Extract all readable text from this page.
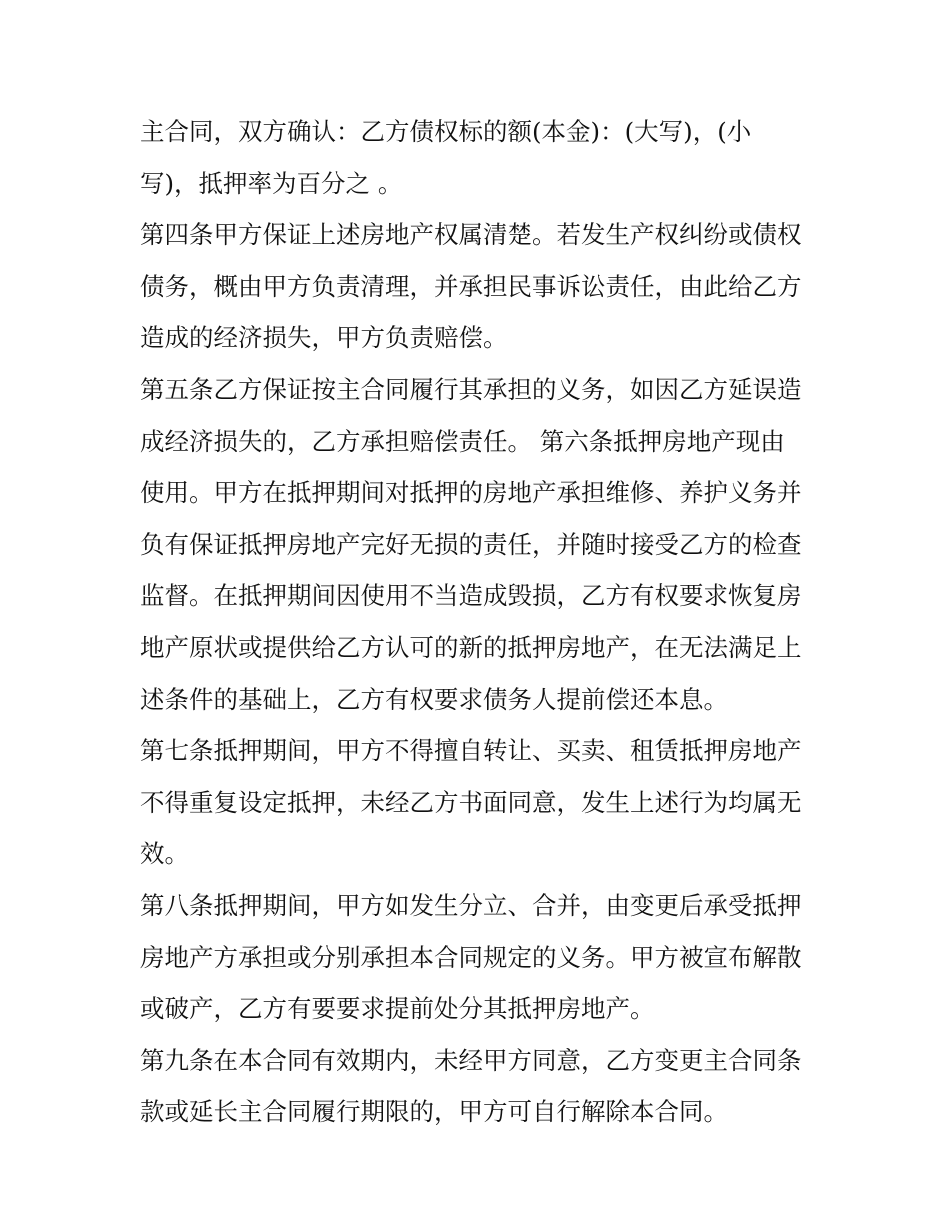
主合同，双方确认：乙方债权标的额(本金)：(大写)，(小
写)，抵押率为百分之 。
第四条甲方保证上述房地产权属清楚。若发生产权纠纷或债权
债务，概由甲方负责清理，并承担民事诉讼责任，由此给乙方
造成的经济损失，甲方负责赔偿。
第五条乙方保证按主合同履行其承担的义务，如因乙方延误造
成经济损失的，乙方承担赔偿责任。 第六条抵押房地产现由
使用。甲方在抵押期间对抵押的房地产承担维修、养护义务并
负有保证抵押房地产完好无损的责任，并随时接受乙方的检查
监督。在抵押期间因使用不当造成毁损，乙方有权要求恢复房
地产原状或提供给乙方认可的新的抵押房地产，在无法满足上
述条件的基础上，乙方有权要求债务人提前偿还本息。
第七条抵押期间，甲方不得擅自转让、买卖、租赁抵押房地产
不得重复设定抵押，未经乙方书面同意，发生上述行为均属无
效。
第八条抵押期间，甲方如发生分立、合并，由变更后承受抵押
房地产方承担或分别承担本合同规定的义务。甲方被宣布解散
或破产，乙方有要要求提前处分其抵押房地产。
第九条在本合同有效期内，未经甲方同意，乙方变更主合同条
款或延长主合同履行期限的，甲方可自行解除本合同。
